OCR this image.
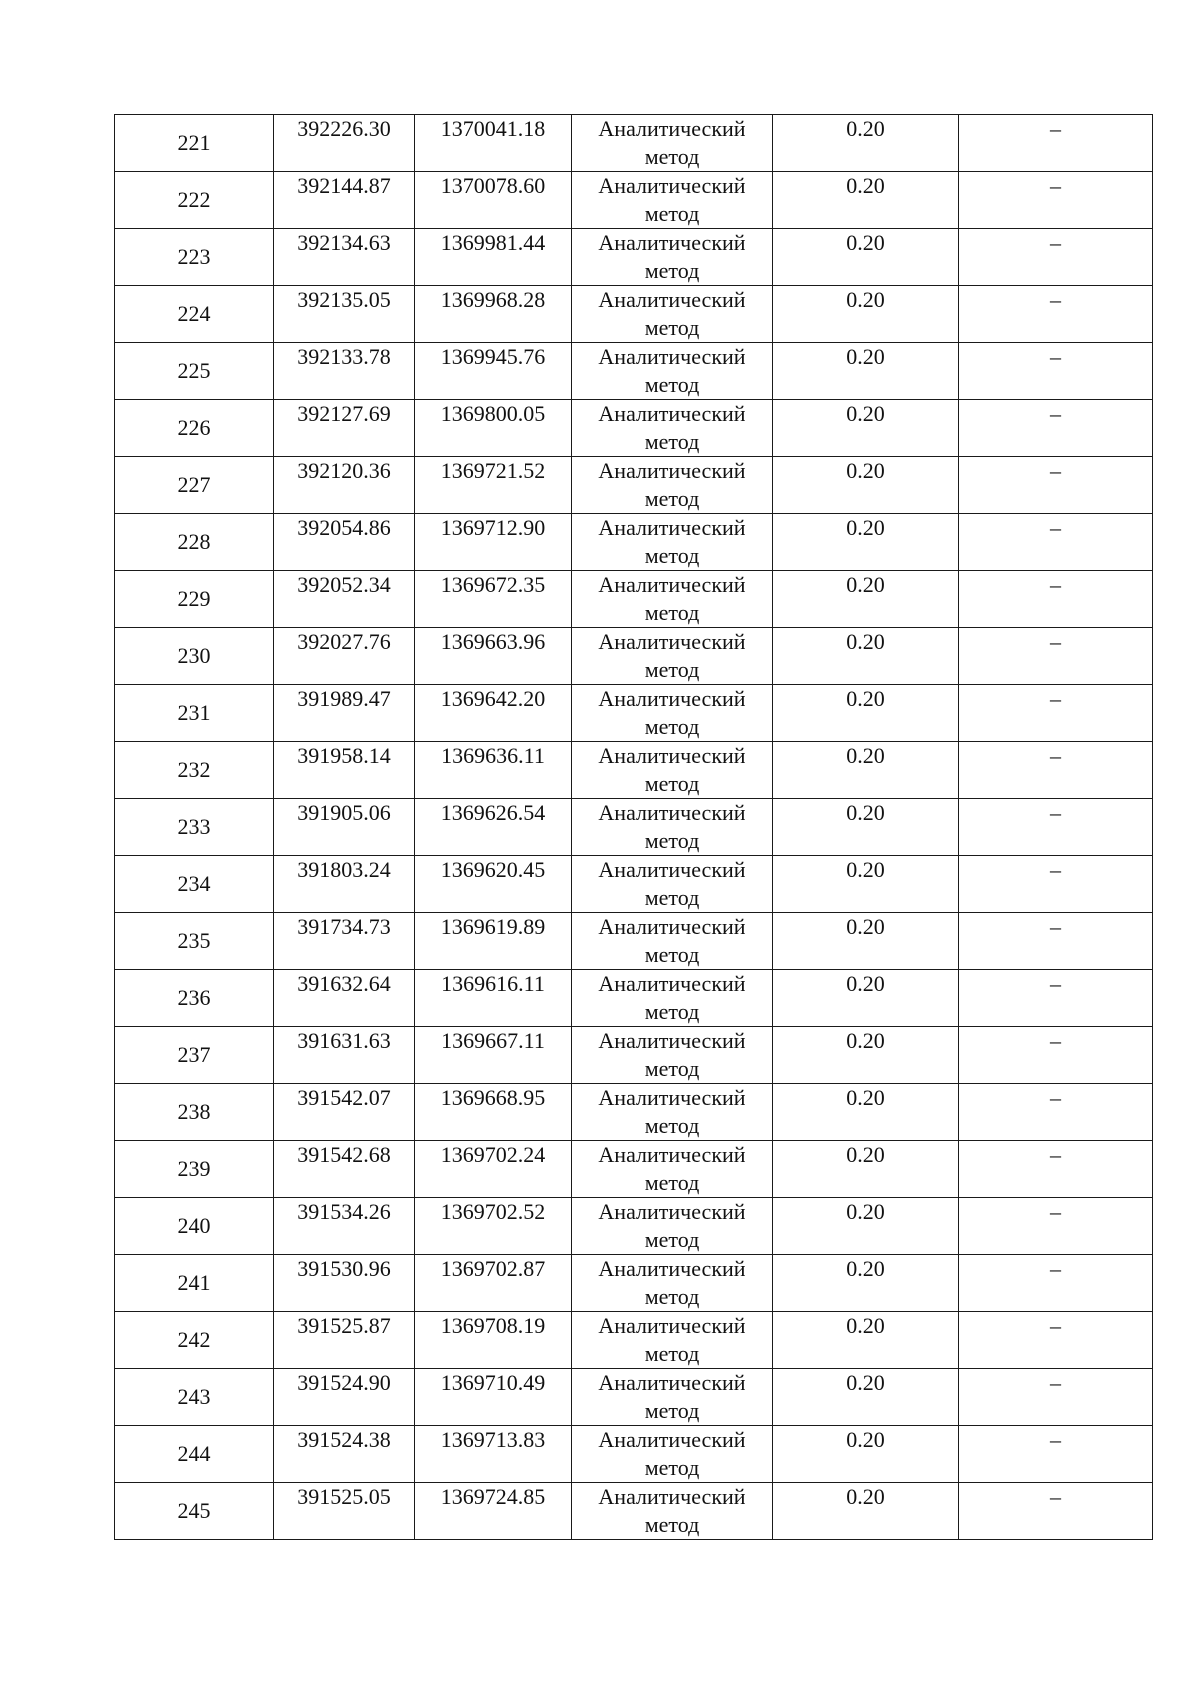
221	392226.30	1370041.18	Аналитический метод	0.20	–
222	392144.87	1370078.60	Аналитический метод	0.20	–
223	392134.63	1369981.44	Аналитический метод	0.20	–
224	392135.05	1369968.28	Аналитический метод	0.20	–
225	392133.78	1369945.76	Аналитический метод	0.20	–
226	392127.69	1369800.05	Аналитический метод	0.20	–
227	392120.36	1369721.52	Аналитический метод	0.20	–
228	392054.86	1369712.90	Аналитический метод	0.20	–
229	392052.34	1369672.35	Аналитический метод	0.20	–
230	392027.76	1369663.96	Аналитический метод	0.20	–
231	391989.47	1369642.20	Аналитический метод	0.20	–
232	391958.14	1369636.11	Аналитический метод	0.20	–
233	391905.06	1369626.54	Аналитический метод	0.20	–
234	391803.24	1369620.45	Аналитический метод	0.20	–
235	391734.73	1369619.89	Аналитический метод	0.20	–
236	391632.64	1369616.11	Аналитический метод	0.20	–
237	391631.63	1369667.11	Аналитический метод	0.20	–
238	391542.07	1369668.95	Аналитический метод	0.20	–
239	391542.68	1369702.24	Аналитический метод	0.20	–
240	391534.26	1369702.52	Аналитический метод	0.20	–
241	391530.96	1369702.87	Аналитический метод	0.20	–
242	391525.87	1369708.19	Аналитический метод	0.20	–
243	391524.90	1369710.49	Аналитический метод	0.20	–
244	391524.38	1369713.83	Аналитический метод	0.20	–
245	391525.05	1369724.85	Аналитический метод	0.20	–
